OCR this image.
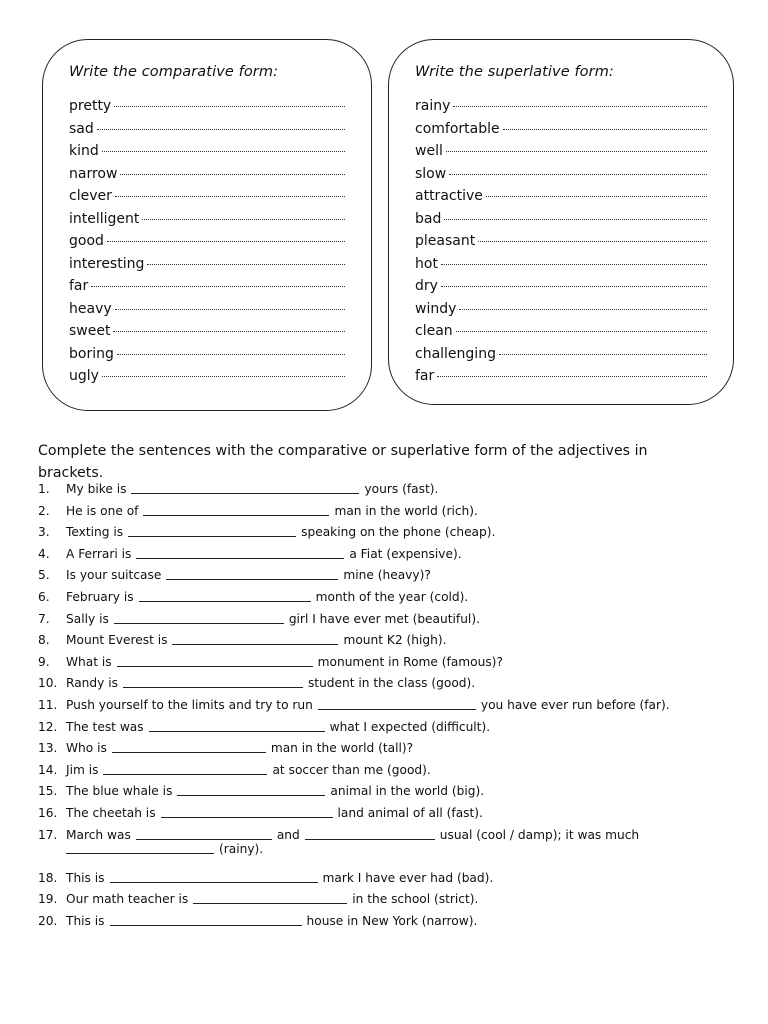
Write the comparative form:
pretty
sad
kind
narrow
clever
intelligent
good
interesting
far
heavy
sweet
boring
ugly
Write the superlative form:
rainy
comfortable
well
slow
attractive
bad
pleasant
hot
dry
windy
clean
challenging
far

Complete the sentences with the comparative or superlative form of the adjectives in brackets.

1.	My bike is	yours (fast).
2.	He is one of	man in the world (rich).
3.	Texting is	speaking on the phone (cheap).
4.	A Ferrari is	a Fiat (expensive).
5.	Is your suitcase	mine (heavy)?
6.	February is	month of the year (cold).
7.	Sally is	girl I have ever met (beautiful).
8.	Mount Everest is	mount K2 (high).
9.	What is	monument in Rome (famous)?
10. Randy is	student in the class (good).
11. Push yourself to the limits and try to run	you have ever run before (far).
12. The test was	what I expected (difficult).
13. Who is	man in the world (tall)?
14. Jim is	at soccer than me (good).
15. The blue whale is	animal in the world (big).
16. The cheetah is	land animal of all (fast).
17. March was	and	usual (cool / damp); it was much
(rainy).
18. This is	mark I have ever had (bad).
19. Our math teacher is	in the school (strict).
20. This is	house in New York (narrow).
